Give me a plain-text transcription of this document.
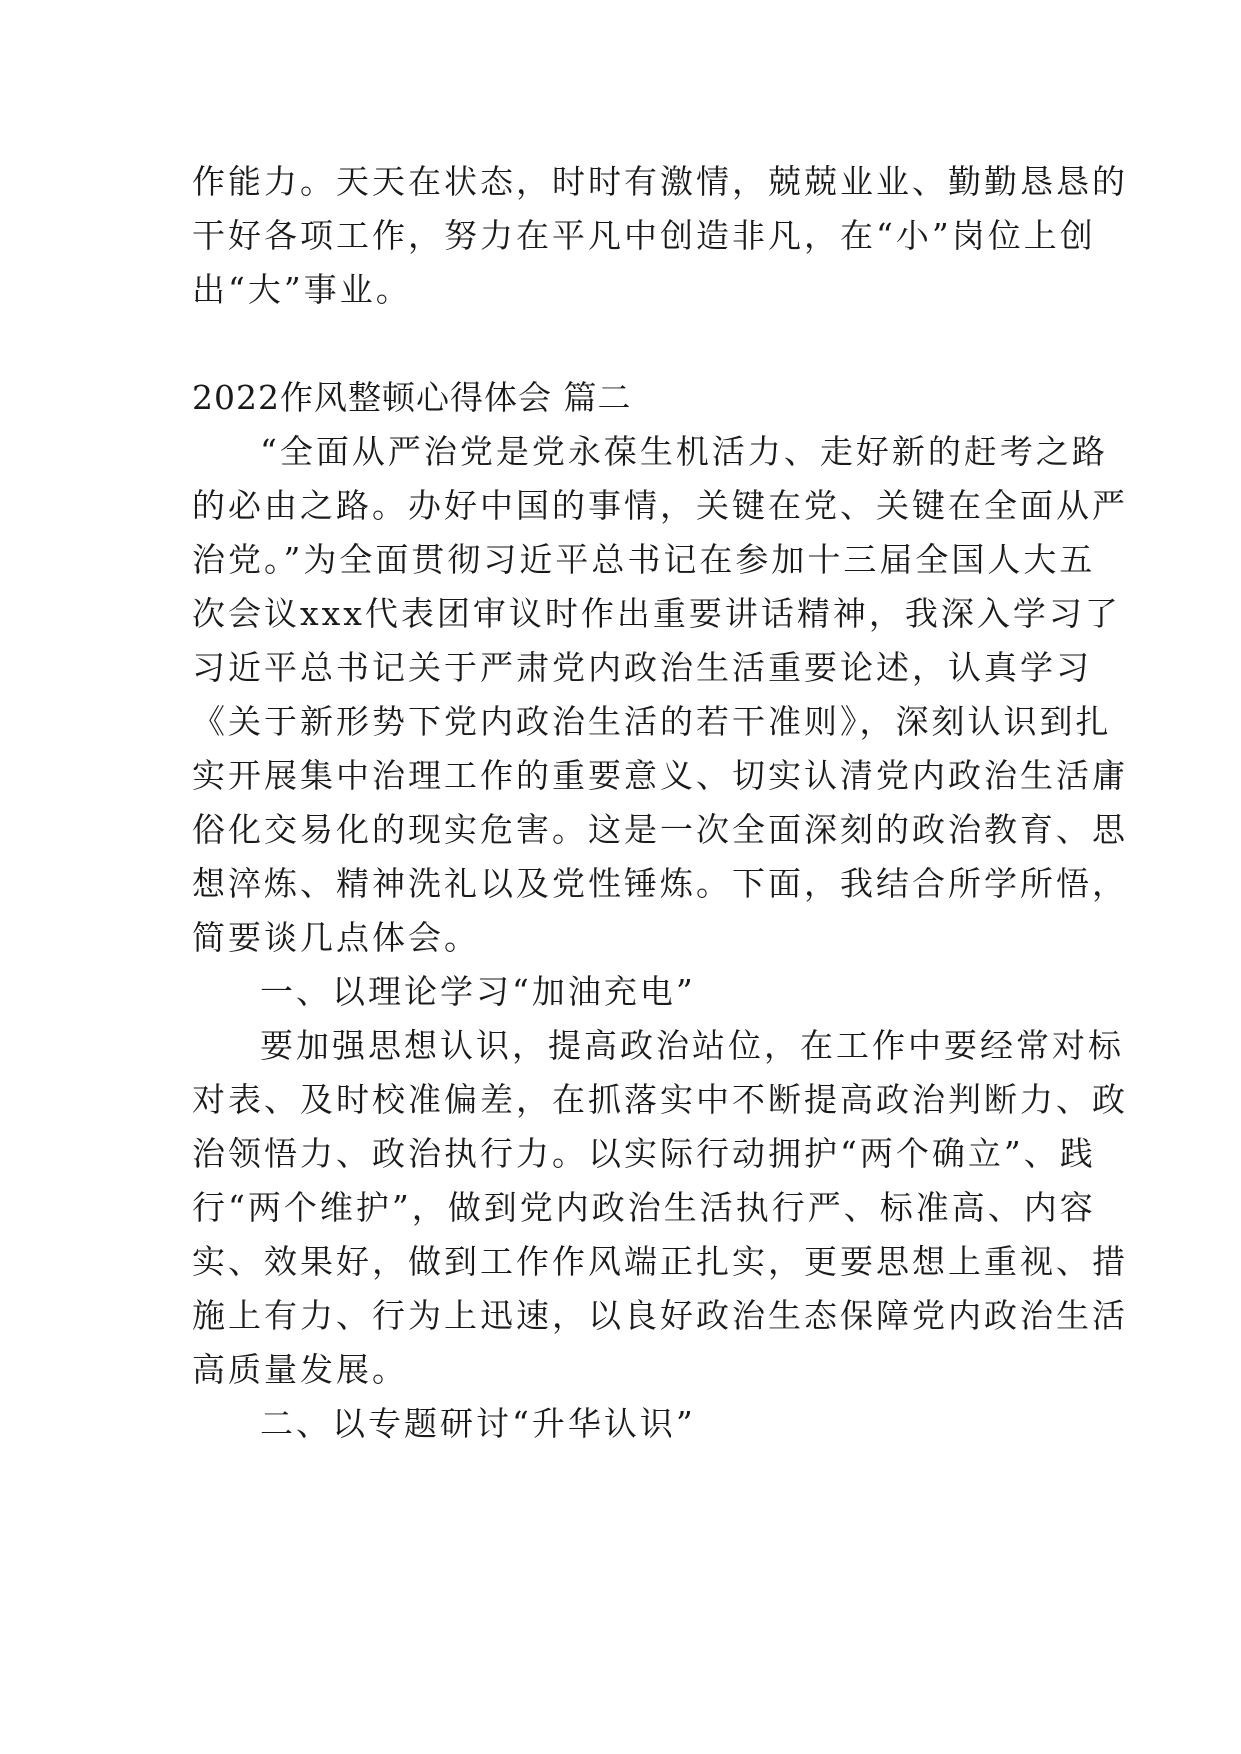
作能力。天天在状态，时时有激情，兢兢业业、勤勤恳恳的
干好各项工作，努力在平凡中创造非凡，在“小”岗位上创
出“大”事业。
2022作风整顿心得体会 篇二
“全面从严治党是党永葆生机活力、走好新的赶考之路
的必由之路。办好中国的事情，关键在党、关键在全面从严
治党。”为全面贯彻习近平总书记在参加十三届全国人大五
次会议xxx代表团审议时作出重要讲话精神，我深入学习了
习近平总书记关于严肃党内政治生活重要论述，认真学习
《关于新形势下党内政治生活的若干准则》，深刻认识到扎
实开展集中治理工作的重要意义、切实认清党内政治生活庸
俗化交易化的现实危害。这是一次全面深刻的政治教育、思
想淬炼、精神洗礼以及党性锤炼。下面，我结合所学所悟，
简要谈几点体会。
一、以理论学习“加油充电”
要加强思想认识，提高政治站位，在工作中要经常对标
对表、及时校准偏差，在抓落实中不断提高政治判断力、政
治领悟力、政治执行力。以实际行动拥护“两个确立”、践
行“两个维护”，做到党内政治生活执行严、标准高、内容
实、效果好，做到工作作风端正扎实，更要思想上重视、措
施上有力、行为上迅速，以良好政治生态保障党内政治生活
高质量发展。
二、以专题研讨“升华认识”
